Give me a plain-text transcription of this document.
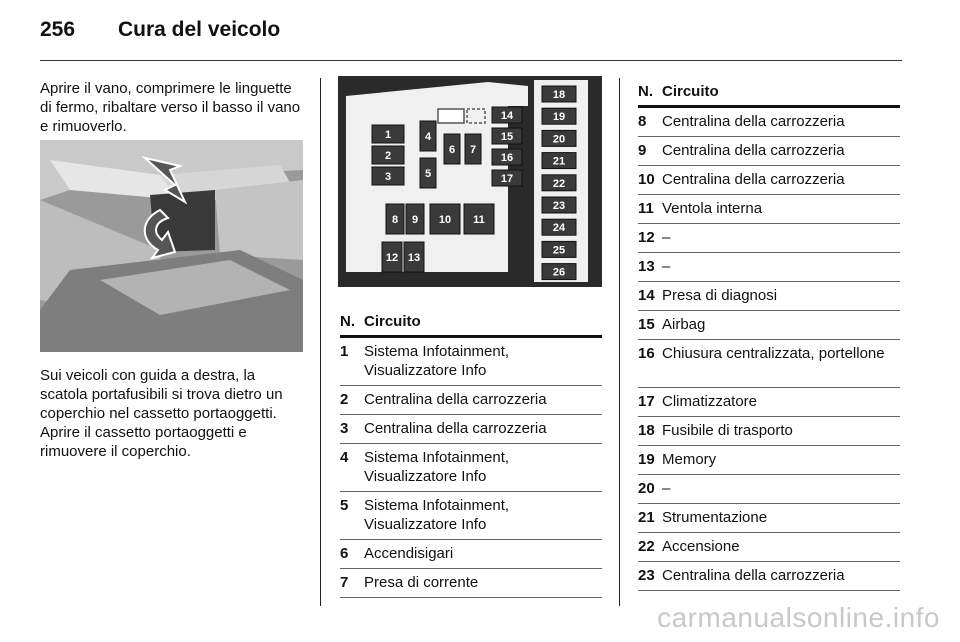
256 Cura del veicolo
Aprire il vano, comprimere le linguette di fermo, ribaltare verso il basso il vano e rimuoverlo.
Sui veicoli con guida a destra, la scatola portafusibili si trova dietro un coperchio nel cassetto portaoggetti. Aprire il cassetto portaoggetti e rimuovere il coperchio.
1
2
3
4
5
6 7
8 9 10 11
12 13
14
15
16
17
18
19
20
21
22
23
24
25
26
N. Circuito
1	Sistema Infotainment, Visualizzatore Info
2	Centralina della carrozzeria
3	Centralina della carrozzeria
4	Sistema Infotainment, Visualizzatore Info
5	Sistema Infotainment, Visualizzatore Info
6	Accendisigari
7	Presa di corrente
N. Circuito
8	Centralina della carrozzeria
9	Centralina della carrozzeria
10 Centralina della carrozzeria
11 Ventola interna
12 –
13 –
14 Presa di diagnosi
15 Airbag
16 Chiusura centralizzata, portellone
17 Climatizzatore
18 Fusibile di trasporto
19 Memory
20 –
21 Strumentazione
22 Accensione
23 Centralina della carrozzeria
carmanualsonline.info
